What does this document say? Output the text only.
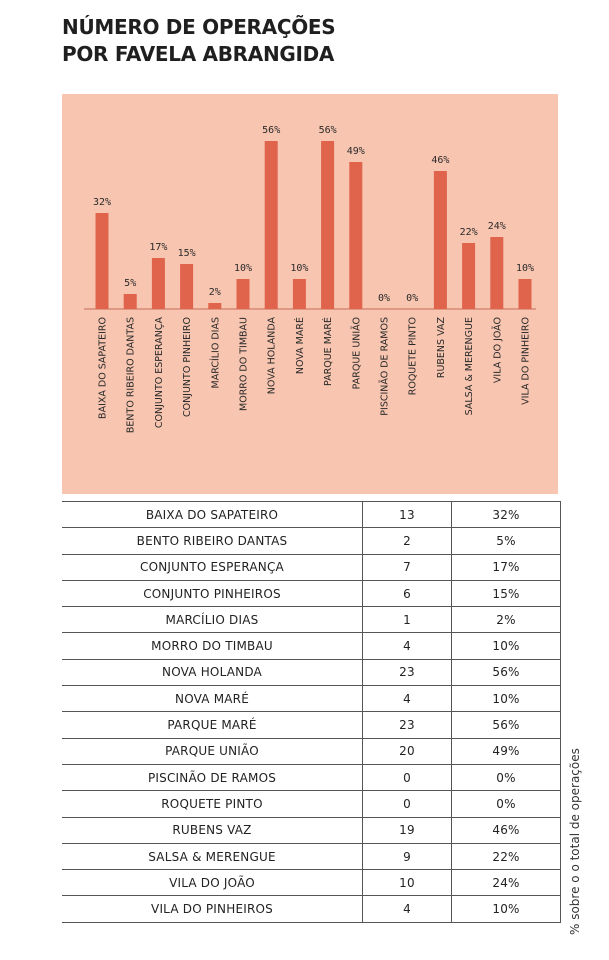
NÚMERO DE OPERAÇÕES
POR FAVELA ABRANGIDA
32%
BAIXA DO SAPATEIRO
5%
BENTO RIBEIRO DANTAS
17%
CONJUNTO ESPERANÇA
15%
CONJUNTO PINHEIRO
2%
MARCÍLIO DIAS
10%
MORRO DO TIMBAU
56%
NOVA HOLANDA
10%
NOVA MARÉ
56%
PARQUE MARÉ
49%
PARQUE UNIÃO
0%
PISCINÃO DE RAMOS
0%
ROQUETE PINTO
46%
RUBENS VAZ
22%
SALSA & MERENGUE
24%
VILA DO JOÃO
10%
VILA DO PINHEIRO
BAIXA DO SAPATEIRO	13	32%
BENTO RIBEIRO DANTAS	2	5%
CONJUNTO ESPERANÇA	7	17%
CONJUNTO PINHEIROS	6	15%
MARCÍLIO DIAS	1	2%
MORRO DO TIMBAU	4	10%
NOVA HOLANDA	23	56%
NOVA MARÉ	4	10%
PARQUE MARÉ	23	56%
PARQUE UNIÃO	20	49%
PISCINÃO DE RAMOS	0	0%
ROQUETE PINTO	0	0%
RUBENS VAZ	19	46%
SALSA & MERENGUE	9	22%
VILA DO JOÃO	10	24%
VILA DO PINHEIROS	4	10%	% sobre o o total de operações
